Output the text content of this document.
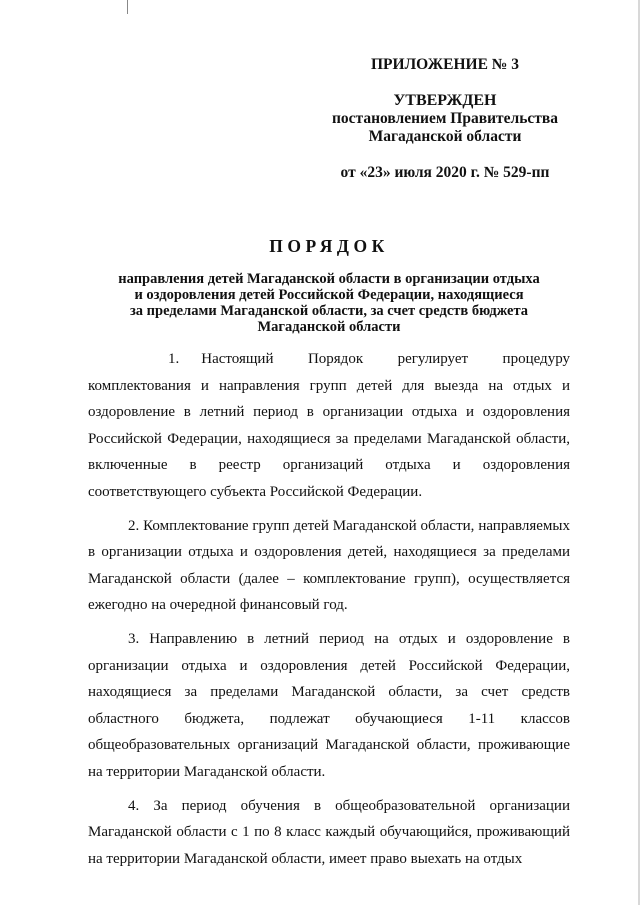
ПРИЛОЖЕНИЕ № 3
УТВЕРЖДЕН
постановлением Правительства
Магаданской области
от «23» июля 2020 г. № 529-пп
ПОРЯДОК
направления детей Магаданской области в организации отдыха
и оздоровления детей Российской Федерации, находящиеся
за пределами Магаданской области, за счет средств бюджета
Магаданской области

1. Настоящий Порядок регулирует процедуру комплектования и направления групп детей для выезда на отдых и оздоровление в летний период в организации отдыха и оздоровления Российской Федерации, находящиеся за пределами Магаданской области, включенные в реестр организаций отдыха и оздоровления соответствующего субъекта Российской Федерации.

2. Комплектование групп детей Магаданской области, направляемых в организации отдыха и оздоровления детей, находящиеся за пределами Магаданской области (далее – комплектование групп), осуществляется ежегодно на очередной финансовый год.

3. Направлению в летний период на отдых и оздоровление в организации отдыха и оздоровления детей Российской Федерации, находящиеся за пределами Магаданской области, за счет средств областного бюджета, подлежат обучающиеся 1-11 классов общеобразовательных организаций Магаданской области, проживающие на территории Магаданской области.

4. За период обучения в общеобразовательной организации Магаданской области с 1 по 8 класс каждый обучающийся, проживающий на территории Магаданской области, имеет право выехать на отдых
